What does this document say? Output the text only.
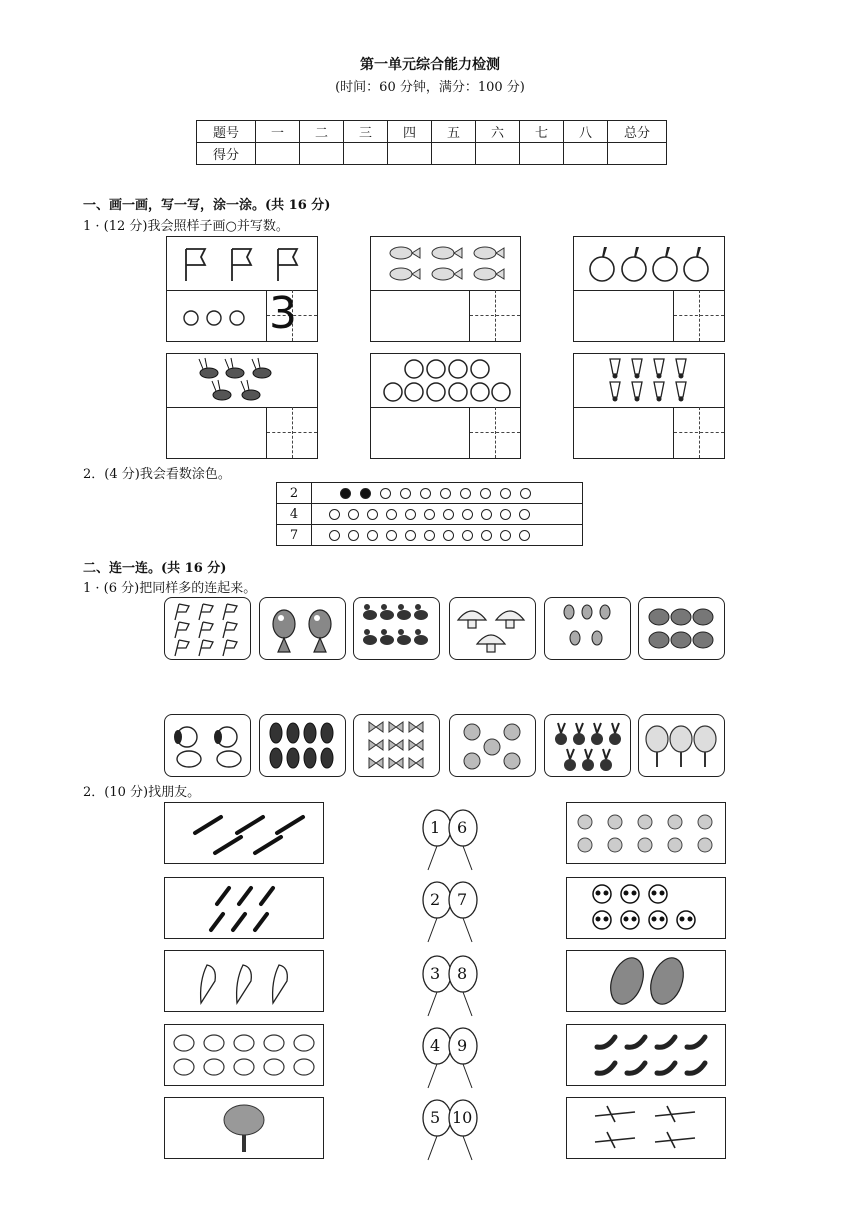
第一单元综合能力检测
(时间：60 分钟，满分：100 分)
题号	一	二	三	四	五	六	七	八	总分
得分									
一、画一画，写一写，涂一涂。(共 16 分)
1 · (12 分)我会照样子画○并写数。
3
2．(4 分)我会看数涂色。
2	

4	

7	
二、连一连。(共 16 分)
1 · (6 分)把同样多的连起来。
2．(10 分)找朋友。
1 6
2 7
3 8
4 9
5 10
